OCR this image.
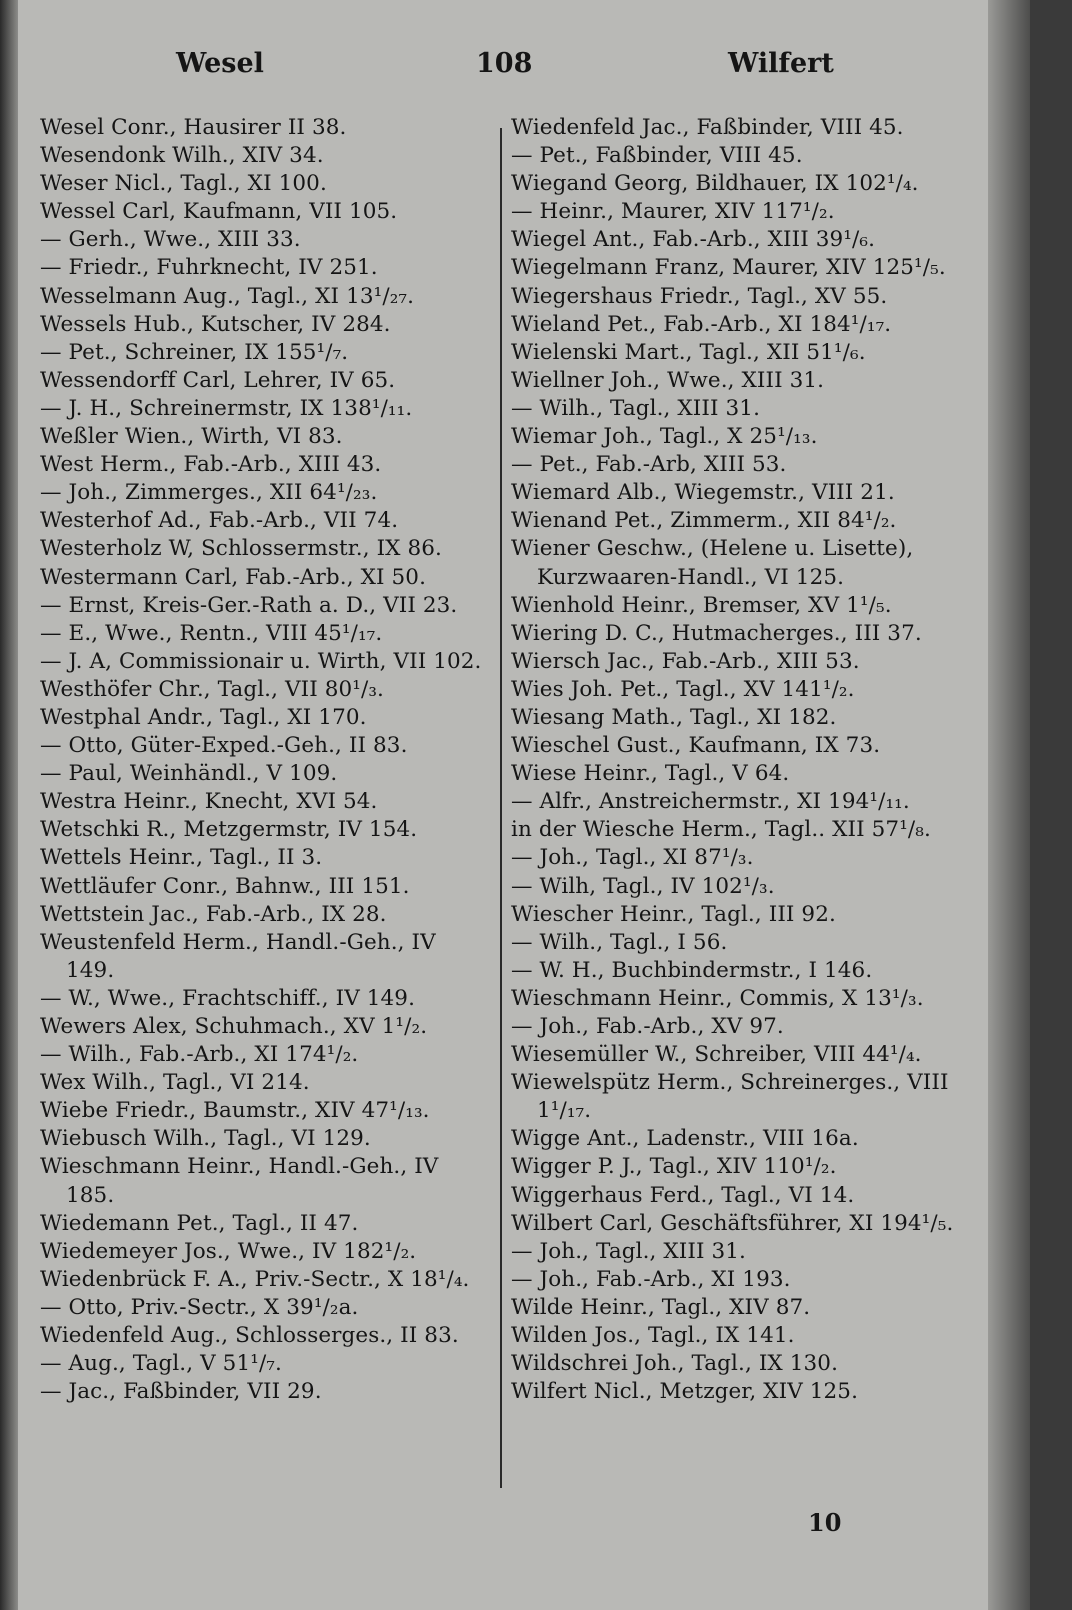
Wesel	108	Wilfert
Wesel Conr., Hausirer II 38.
Wesendonk Wilh., XIV 34.
Weser Nicl., Tagl., XI 100.
Wessel Carl, Kaufmann, VII 105.
— Gerh., Wwe., XIII 33.
— Friedr., Fuhrknecht, IV 251.
Wesselmann Aug., Tagl., XI 13¹/₂₇.
Wessels Hub., Kutscher, IV 284.
— Pet., Schreiner, IX 155¹/₇.
Wessendorff Carl, Lehrer, IV 65.
— J. H., Schreinermstr, IX 138¹/₁₁.
Weßler Wien., Wirth, VI 83.
West Herm., Fab.-Arb., XIII 43.
— Joh., Zimmerges., XII 64¹/₂₃.
Westerhof Ad., Fab.-Arb., VII 74.
Westerholz W, Schlossermstr., IX 86.
Westermann Carl, Fab.-Arb., XI 50.
— Ernst, Kreis-Ger.-Rath a. D., VII 23.
— E., Wwe., Rentn., VIII 45¹/₁₇.
— J. A, Commissionair u. Wirth, VII 102.
Westhöfer Chr., Tagl., VII 80¹/₃.
Westphal Andr., Tagl., XI 170.
— Otto, Güter-Exped.-Geh., II 83.
— Paul, Weinhändl., V 109.
Westra Heinr., Knecht, XVI 54.
Wetschki R., Metzgermstr, IV 154.
Wettels Heinr., Tagl., II 3.
Wettläufer Conr., Bahnw., III 151.
Wettstein Jac., Fab.-Arb., IX 28.
Weustenfeld Herm., Handl.-Geh., IV 149.
— W., Wwe., Frachtschiff., IV 149.
Wewers Alex, Schuhmach., XV 1¹/₂.
— Wilh., Fab.-Arb., XI 174¹/₂.
Wex Wilh., Tagl., VI 214.
Wiebe Friedr., Baumstr., XIV 47¹/₁₃.
Wiebusch Wilh., Tagl., VI 129.
Wieschmann Heinr., Handl.-Geh., IV 185.
Wiedemann Pet., Tagl., II 47.
Wiedemeyer Jos., Wwe., IV 182¹/₂.
Wiedenbrück F. A., Priv.-Sectr., X 18¹/₄.
— Otto, Priv.-Sectr., X 39¹/₂a.
Wiedenfeld Aug., Schlosserges., II 83.
— Aug., Tagl., V 51¹/₇.
— Jac., Faßbinder, VII 29.
Wiedenfeld Jac., Faßbinder, VIII 45.
— Pet., Faßbinder, VIII 45.
Wiegand Georg, Bildhauer, IX 102¹/₄.
— Heinr., Maurer, XIV 117¹/₂.
Wiegel Ant., Fab.-Arb., XIII 39¹/₆.
Wiegelmann Franz, Maurer, XIV 125¹/₅.
Wiegershaus Friedr., Tagl., XV 55.
Wieland Pet., Fab.-Arb., XI 184¹/₁₇.
Wielenski Mart., Tagl., XII 51¹/₆.
Wiellner Joh., Wwe., XIII 31.
— Wilh., Tagl., XIII 31.
Wiemar Joh., Tagl., X 25¹/₁₃.
— Pet., Fab.-Arb, XIII 53.
Wiemard Alb., Wiegemstr., VIII 21.
Wienand Pet., Zimmerm., XII 84¹/₂.
Wiener Geschw., (Helene u. Lisette), Kurzwaaren-Handl., VI 125.
Wienhold Heinr., Bremser, XV 1¹/₅.
Wiering D. C., Hutmacherges., III 37.
Wiersch Jac., Fab.-Arb., XIII 53.
Wies Joh. Pet., Tagl., XV 141¹/₂.
Wiesang Math., Tagl., XI 182.
Wieschel Gust., Kaufmann, IX 73.
Wiese Heinr., Tagl., V 64.
— Alfr., Anstreichermstr., XI 194¹/₁₁.
in der Wiesche Herm., Tagl.. XII 57¹/₈.
— Joh., Tagl., XI 87¹/₃.
— Wilh, Tagl., IV 102¹/₃.
Wiescher Heinr., Tagl., III 92.
— Wilh., Tagl., I 56.
— W. H., Buchbindermstr., I 146.
Wieschmann Heinr., Commis, X 13¹/₃.
— Joh., Fab.-Arb., XV 97.
Wiesemüller W., Schreiber, VIII 44¹/₄.
Wiewelspütz Herm., Schreinerges., VIII 1¹/₁₇.
Wigge Ant., Ladenstr., VIII 16a.
Wigger P. J., Tagl., XIV 110¹/₂.
Wiggerhaus Ferd., Tagl., VI 14.
Wilbert Carl, Geschäftsführer, XI 194¹/₅.
— Joh., Tagl., XIII 31.
— Joh., Fab.-Arb., XI 193.
Wilde Heinr., Tagl., XIV 87.
Wilden Jos., Tagl., IX 141.
Wildschrei Joh., Tagl., IX 130.
Wilfert Nicl., Metzger, XIV 125.
10
